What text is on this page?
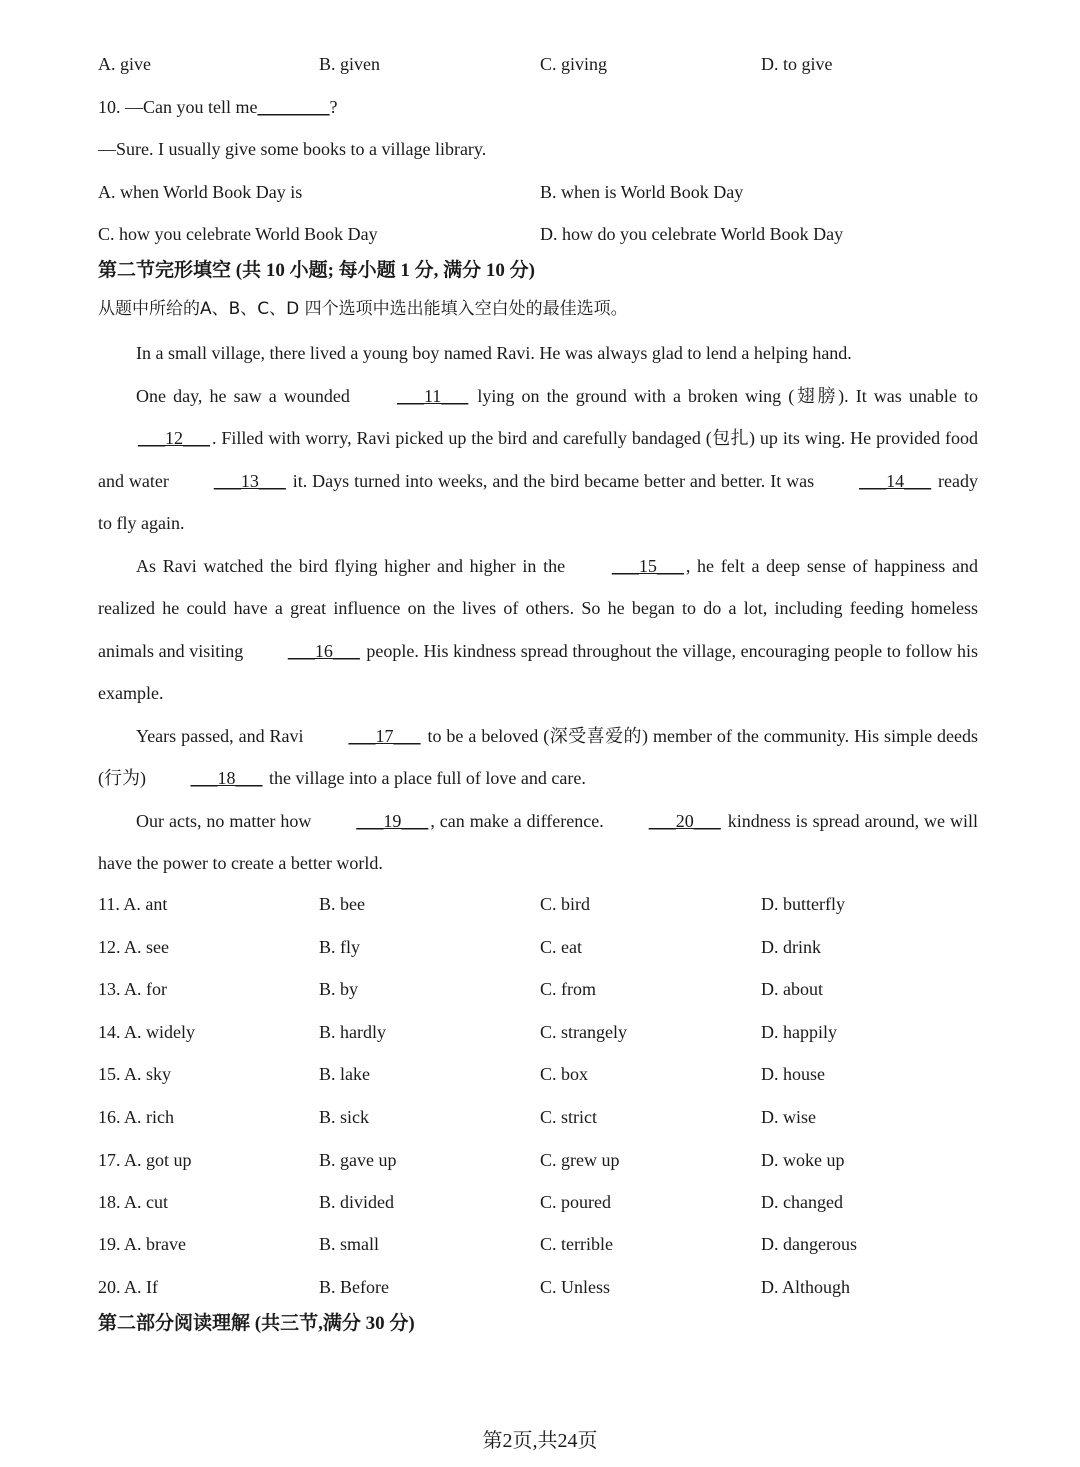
A. give	B. given	C. giving	D. to give
10. —Can you tell me________?
—Sure. I usually give some books to a village library.
A. when World Book Day is	B. when is World Book Day
C. how you celebrate World Book Day	D. how do you celebrate World Book Day
第二节完形填空 (共 10 小题; 每小题 1 分, 满分 10 分)
从题中所给的A、B、C、D 四个选项中选出能填入空白处的最佳选项。

In a small village, there lived a young boy named Ravi. He was always glad to lend a helping hand.

One day, he saw a wounded ___11___ lying on the ground with a broken wing (翅膀). It was unable to ___12___ . Filled with worry, Ravi picked up the bird and carefully bandaged (包扎) up its wing. He provided food and water ___13___ it. Days turned into weeks, and the bird became better and better. It was ___14___ ready to fly again.

As Ravi watched the bird flying higher and higher in the ___15___ , he felt a deep sense of happiness and realized he could have a great influence on the lives of others. So he began to do a lot, including feeding homeless animals and visiting ___16___ people. His kindness spread throughout the village, encouraging people to follow his example.

Years passed, and Ravi ___17___ to be a beloved (深受喜爱的) member of the community. His simple deeds (行为) ___18___ the village into a place full of love and care.

Our acts, no matter how ___19___ , can make a difference. ___20___ kindness is spread around, we will have the power to create a better world.

11. A. ant	B. bee	C. bird	D. butterfly
12. A. see	B. fly	C. eat	D. drink
13. A. for	B. by	C. from	D. about
14. A. widely	B. hardly	C. strangely	D. happily
15. A. sky	B. lake	C. box	D. house
16. A. rich	B. sick	C. strict	D. wise
17. A. got up	B. gave up	C. grew up	D. woke up
18. A. cut	B. divided	C. poured	D. changed
19. A. brave	B. small	C. terrible	D. dangerous
20. A. If	B. Before	C. Unless	D. Although
第二部分阅读理解 (共三节,满分 30 分)
第2页,共24页
